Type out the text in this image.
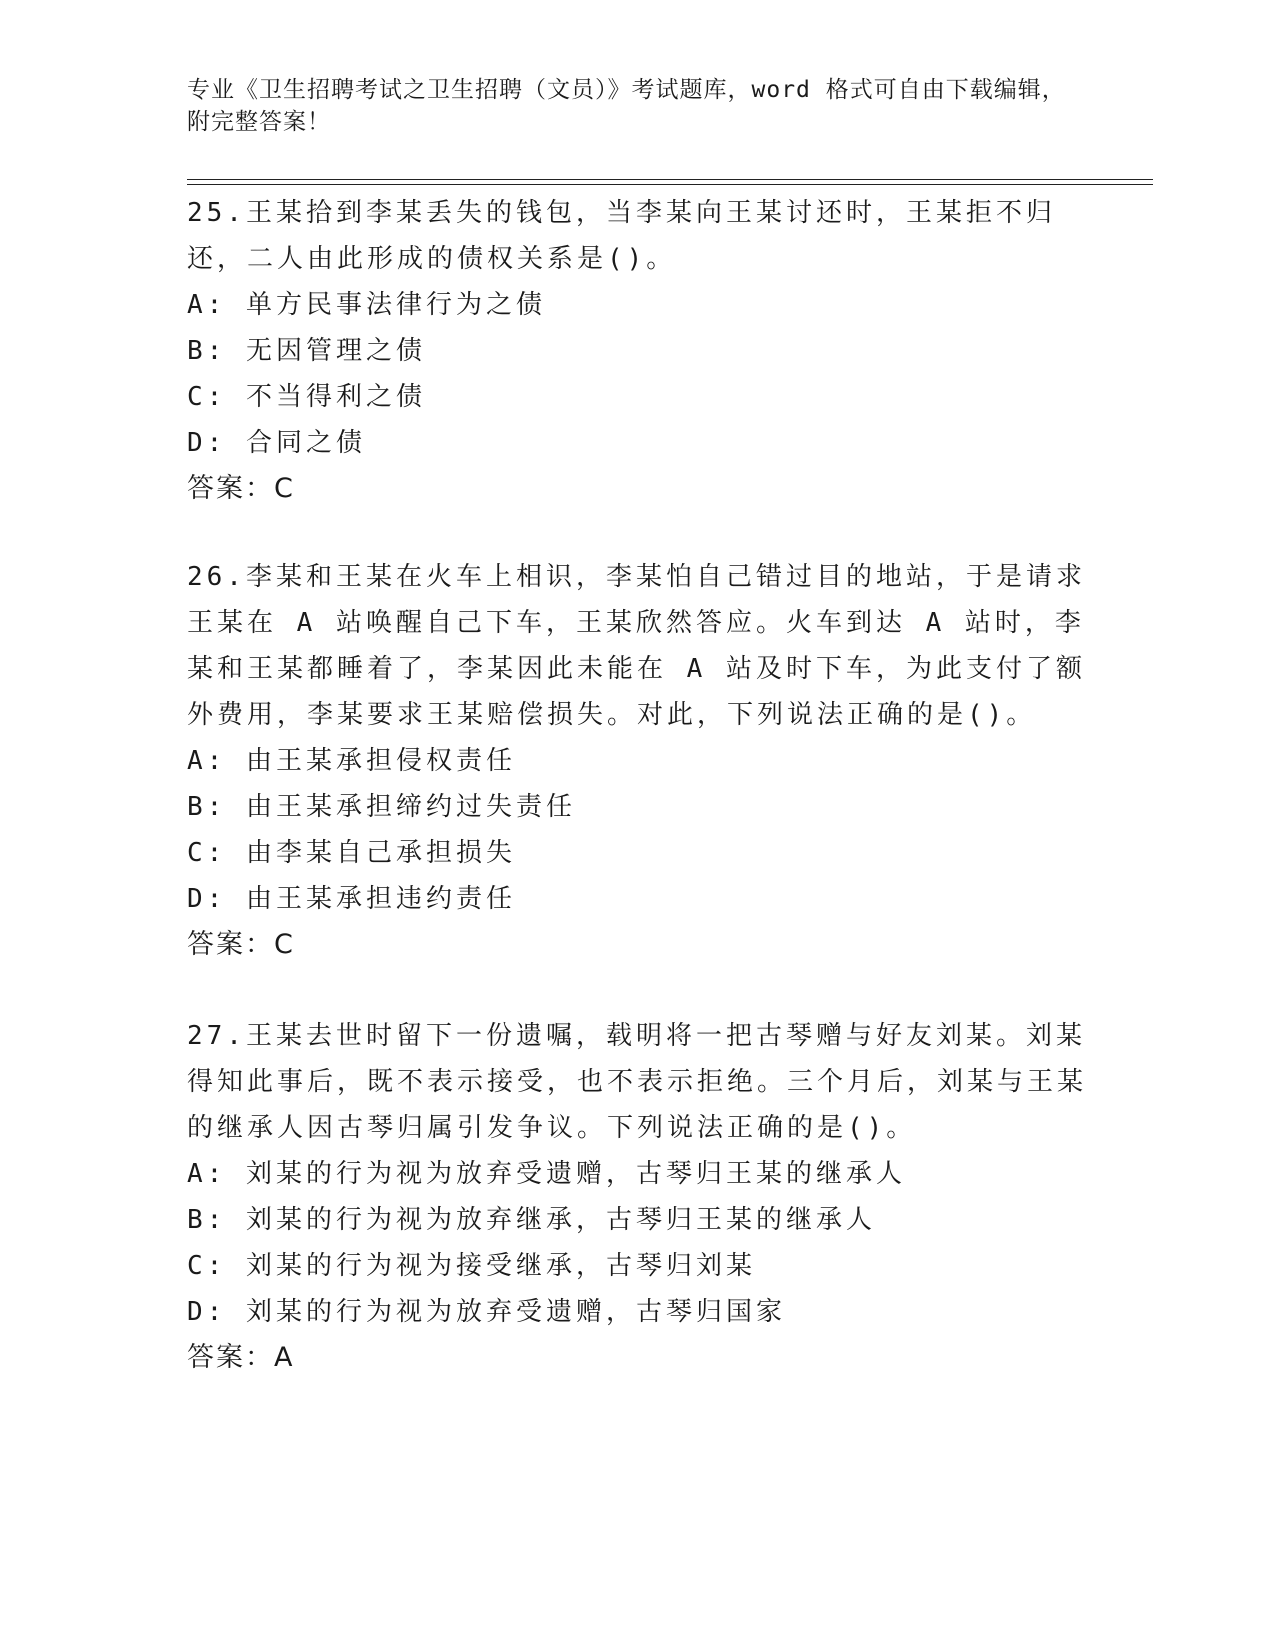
专业《卫生招聘考试之卫生招聘（文员）》考试题库，word 格式可自由下载编辑，附完整答案！

25.王某拾到李某丢失的钱包，当李某向王某讨还时，王某拒不归还，二人由此形成的债权关系是()。

A: 单方民事法律行为之债

B: 无因管理之债

C: 不当得利之债

D: 合同之债

答案：C

26.李某和王某在火车上相识，李某怕自己错过目的地站，于是请求王某在 A 站唤醒自己下车，王某欣然答应。火车到达 A 站时，李某和王某都睡着了，李某因此未能在 A 站及时下车，为此支付了额外费用，李某要求王某赔偿损失。对此，下列说法正确的是()。

A: 由王某承担侵权责任

B: 由王某承担缔约过失责任

C: 由李某自己承担损失

D: 由王某承担违约责任

答案：C

27.王某去世时留下一份遗嘱，载明将一把古琴赠与好友刘某。刘某得知此事后，既不表示接受，也不表示拒绝。三个月后，刘某与王某的继承人因古琴归属引发争议。下列说法正确的是()。

A: 刘某的行为视为放弃受遗赠，古琴归王某的继承人

B: 刘某的行为视为放弃继承，古琴归王某的继承人

C: 刘某的行为视为接受继承，古琴归刘某

D: 刘某的行为视为放弃受遗赠，古琴归国家

答案：A
